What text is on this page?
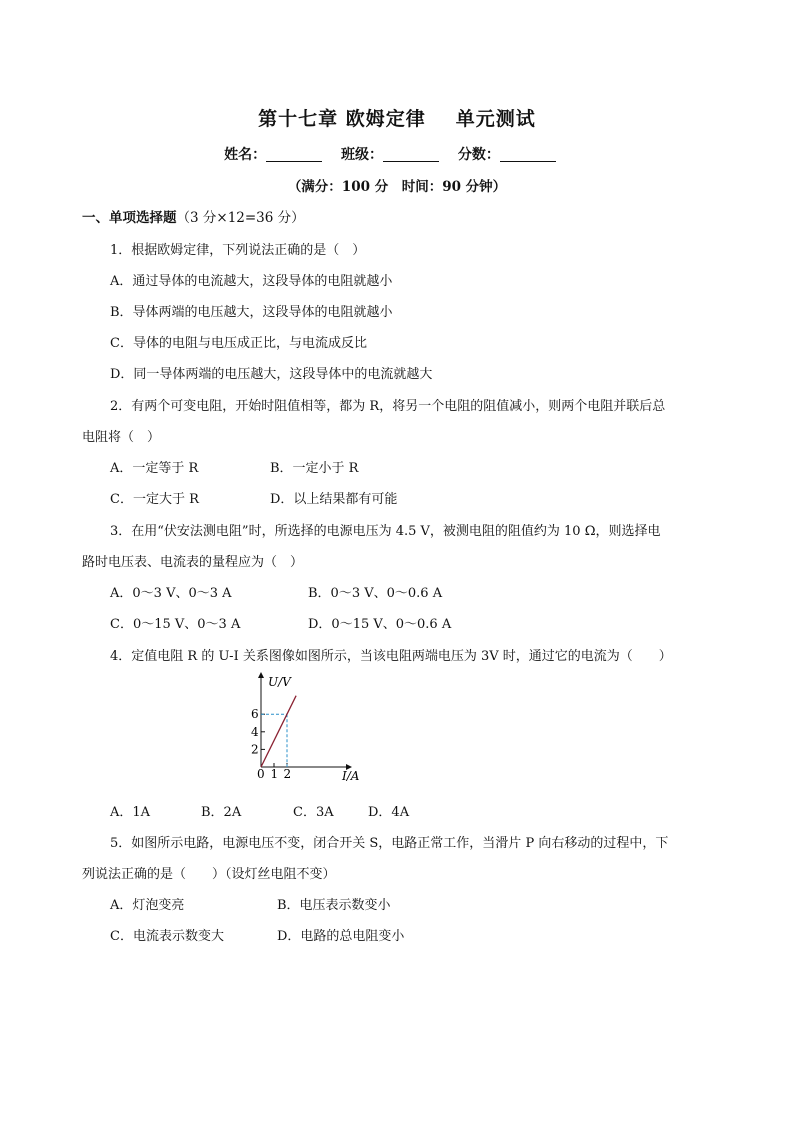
第十七章 欧姆定律 单元测试
姓名：	班级：	分数：
（满分：100 分　时间：90 分钟）
一、单项选择题（3 分×12=36 分）
1．根据欧姆定律，下列说法正确的是（　）
A．通过导体的电流越大，这段导体的电阻就越小
B．导体两端的电压越大，这段导体的电阻就越小
C．导体的电阻与电压成正比，与电流成反比
D．同一导体两端的电压越大，这段导体中的电流就越大
2．有两个可变电阻，开始时阻值相等，都为 R，将另一个电阻的阻值减小，则两个电阻并联后总
电阻将（　）
A．一定等于 R	B．一定小于 R
C．一定大于 R	D．以上结果都有可能
3．在用“伏安法测电阻”时，所选择的电源电压为 4.5 V，被测电阻的阻值约为 10 Ω，则选择电
路时电压表、电流表的量程应为（　）
A．0～3 V、0～3 A	B．0～3 V、0～0.6 A
C．0～15 V、0～3 A	D．0～15 V、0～0.6 A
4．定值电阻 R 的 U-I 关系图像如图所示，当该电阻两端电压为 3V 时，通过它的电流为（　　）
U/V
I/A
0 1 2
2
4
6
A．1A	B．2A	C．3A	D．4A
5．如图所示电路，电源电压不变，闭合开关 S，电路正常工作，当滑片 P 向右移动的过程中，下
列说法正确的是（　　）（设灯丝电阻不变）
A．灯泡变亮	B．电压表示数变小
C．电流表示数变大	D．电路的总电阻变小
